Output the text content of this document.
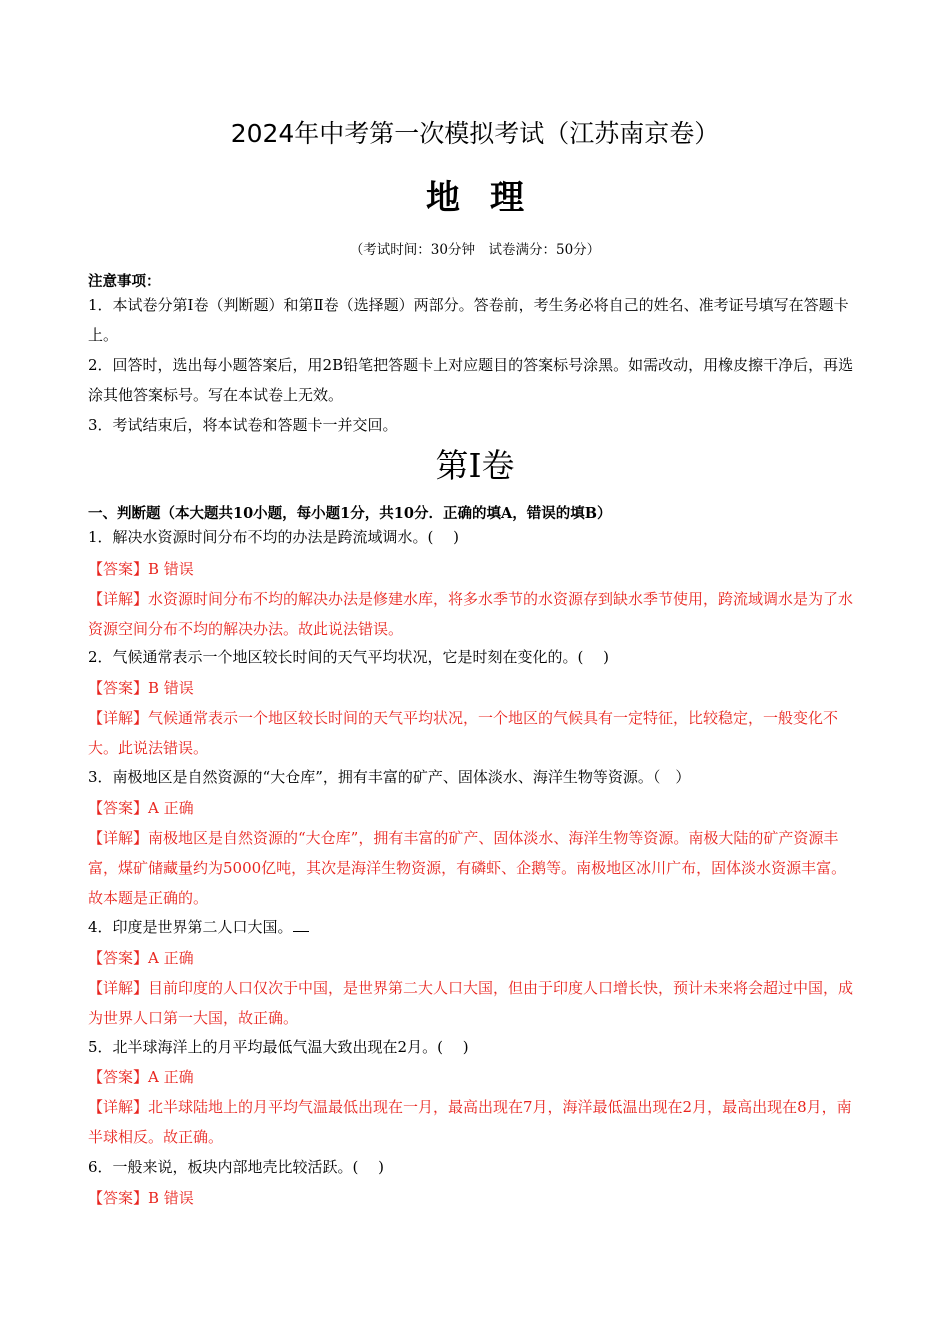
2024年中考第一次模拟考试（江苏南京卷）
地理
（考试时间：30分钟　试卷满分：50分）
注意事项：
1．本试卷分第Ⅰ卷（判断题）和第Ⅱ卷（选择题）两部分。答卷前，考生务必将自己的姓名、准考证号填写在答题卡上。
2．回答时，选出每小题答案后，用2B铅笔把答题卡上对应题目的答案标号涂黑。如需改动，用橡皮擦干净后，再选涂其他答案标号。写在本试卷上无效。
3．考试结束后，将本试卷和答题卡一并交回。
第Ⅰ卷
一、判断题（本大题共10小题，每小题1分，共10分．正确的填A，错误的填B）
1．解决水资源时间分布不均的办法是跨流域调水。(　 )
【答案】B 错误
【详解】水资源时间分布不均的解决办法是修建水库，将多水季节的水资源存到缺水季节使用，跨流域调水是为了水资源空间分布不均的解决办法。故此说法错误。
2．气候通常表示一个地区较长时间的天气平均状况，它是时刻在变化的。(　 )
【答案】B 错误
【详解】气候通常表示一个地区较长时间的天气平均状况，一个地区的气候具有一定特征，比较稳定，一般变化不大。此说法错误。
3．南极地区是自然资源的“大仓库”，拥有丰富的矿产、固体淡水、海洋生物等资源。（　）
【答案】A 正确
【详解】南极地区是自然资源的“大仓库”，拥有丰富的矿产、固体淡水、海洋生物等资源。南极大陆的矿产资源丰富，煤矿储藏量约为5000亿吨，其次是海洋生物资源，有磷虾、企鹅等。南极地区冰川广布，固体淡水资源丰富。故本题是正确的。
4．印度是世界第二人口大国。
【答案】A 正确
【详解】目前印度的人口仅次于中国，是世界第二大人口大国，但由于印度人口增长快，预计未来将会超过中国，成为世界人口第一大国，故正确。
5．北半球海洋上的月平均最低气温大致出现在2月。(　 )
【答案】A 正确
【详解】北半球陆地上的月平均气温最低出现在一月，最高出现在7月，海洋最低温出现在2月，最高出现在8月，南半球相反。故正确。
6．一般来说，板块内部地壳比较活跃。(　 )
【答案】B 错误
